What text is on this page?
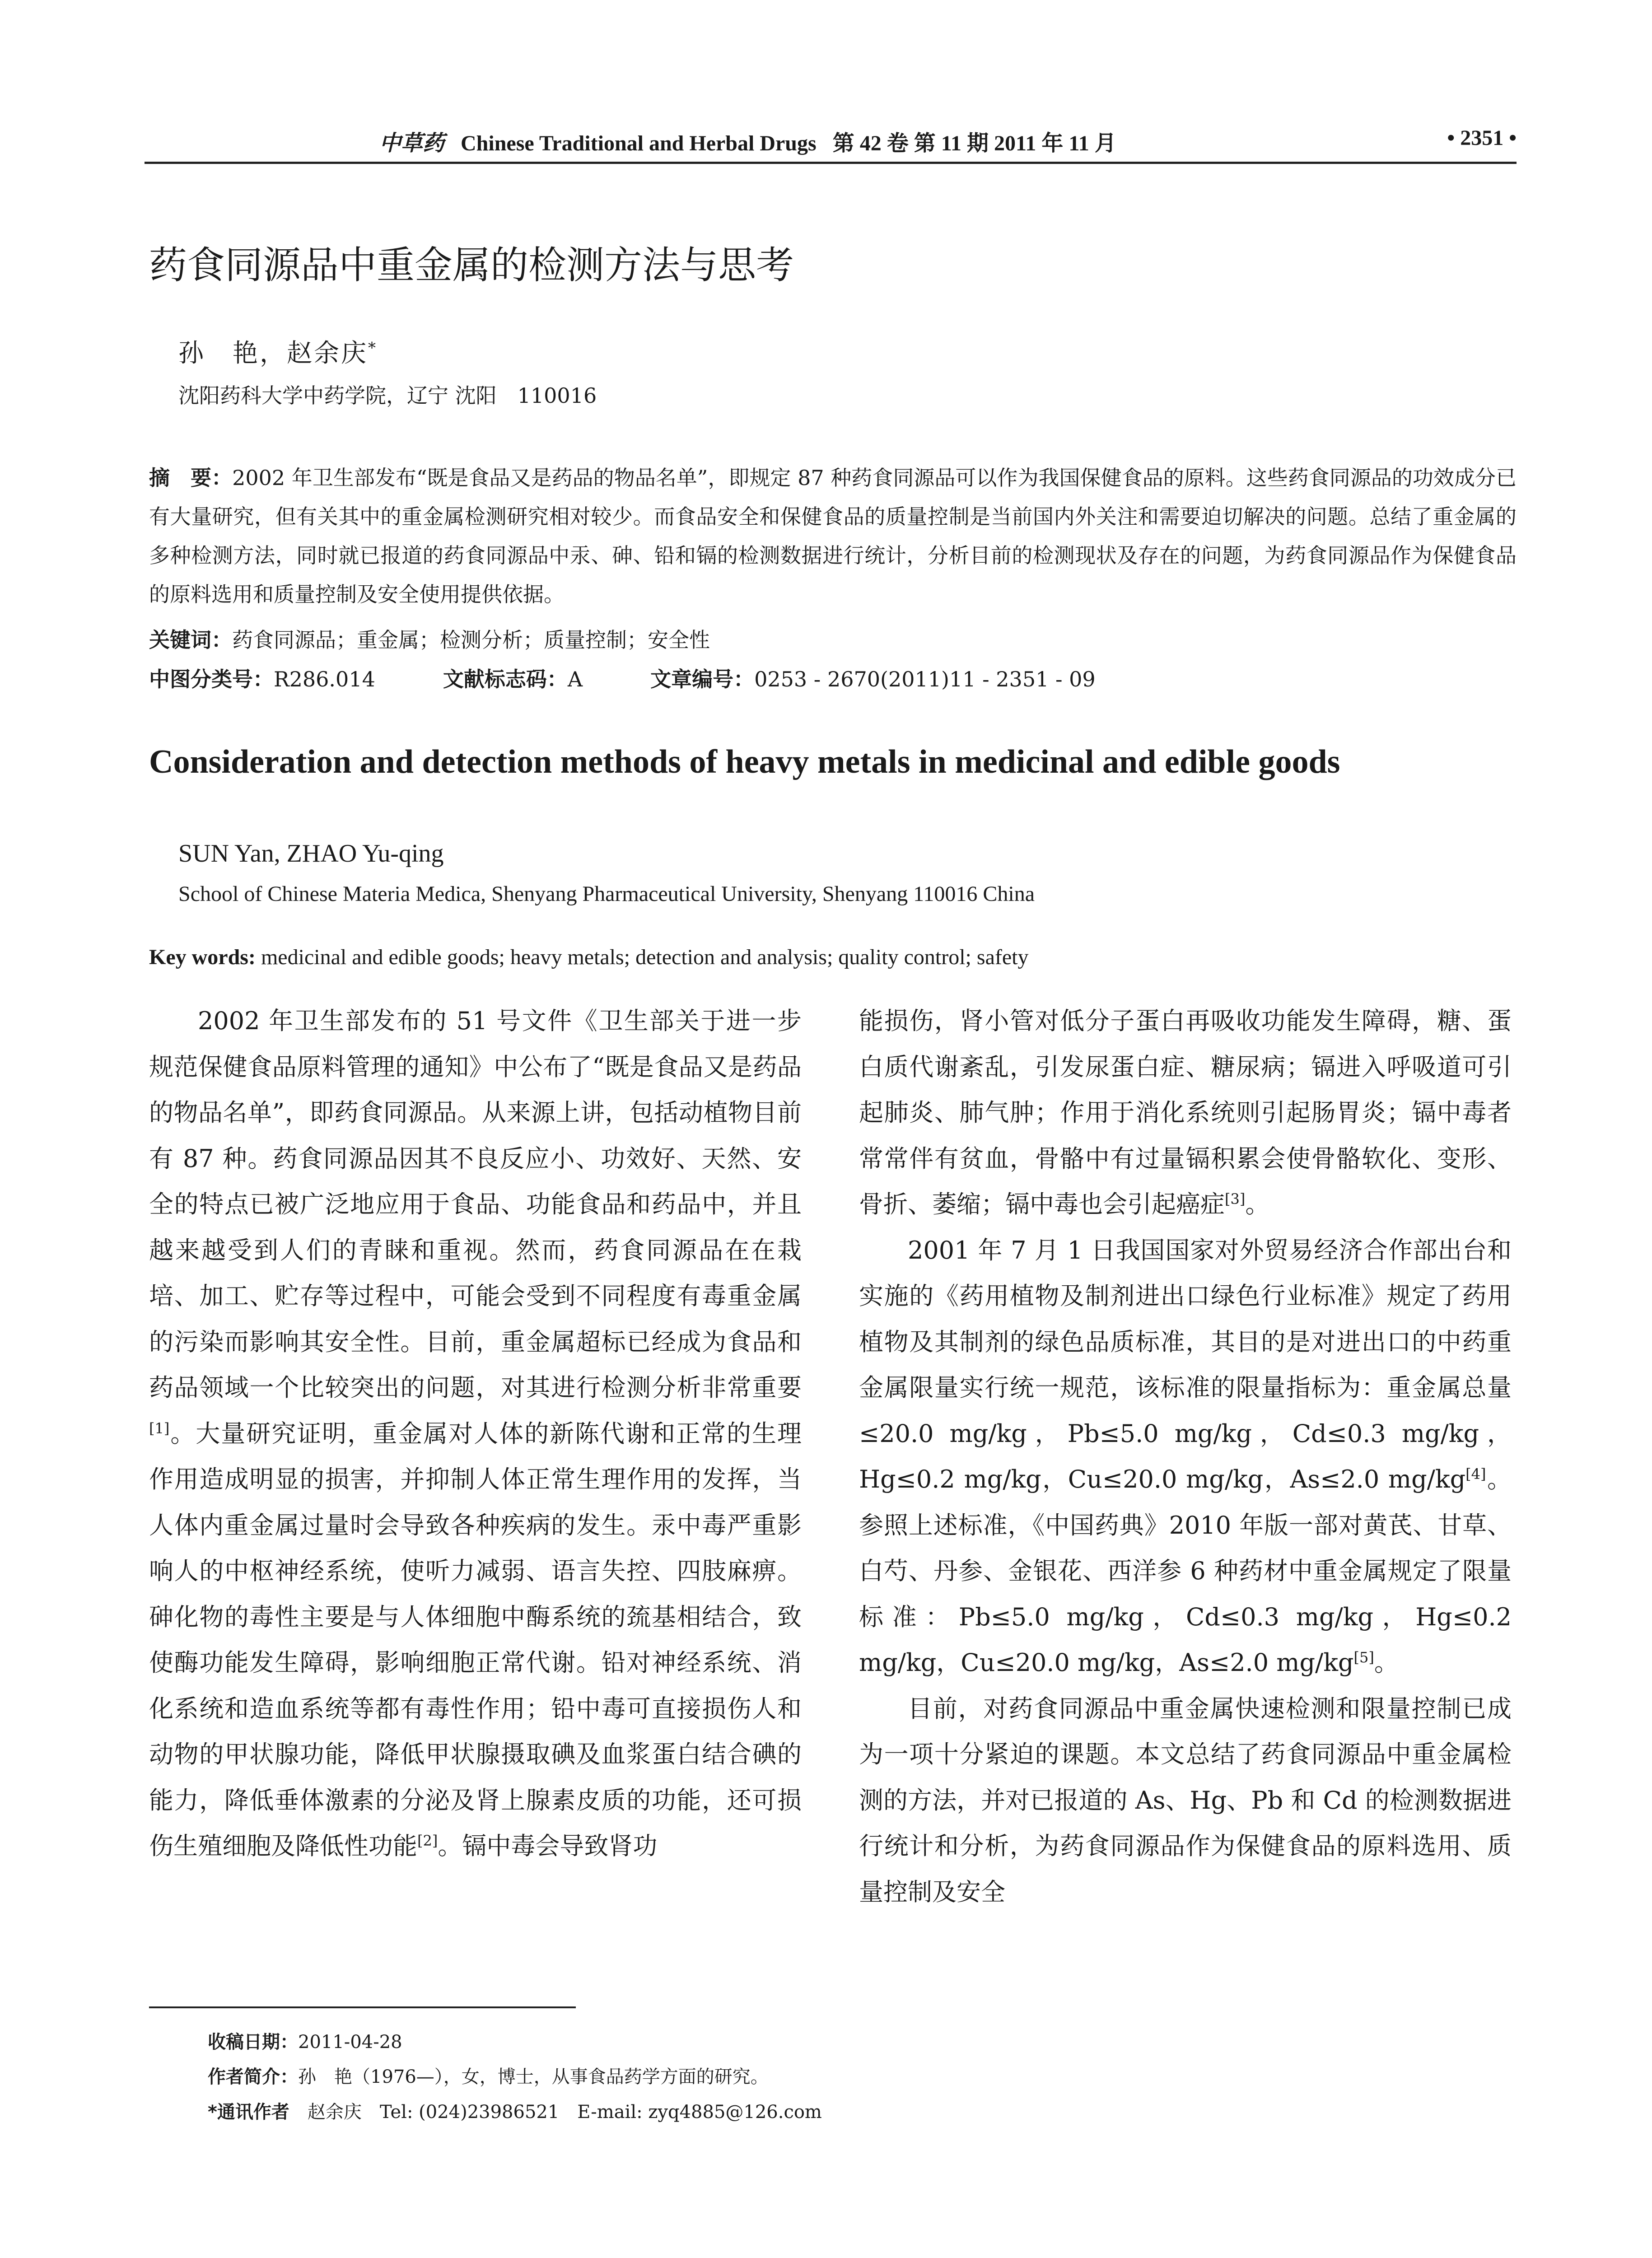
中草药 Chinese Traditional and Herbal Drugs 第 42 卷 第 11 期 2011 年 11 月	• 2351 •
药食同源品中重金属的检测方法与思考
孙　艳，赵余庆*
沈阳药科大学中药学院，辽宁 沈阳　110016
摘　要：2002 年卫生部发布“既是食品又是药品的物品名单”，即规定 87 种药食同源品可以作为我国保健食品的原料。这些药食同源品的功效成分已有大量研究，但有关其中的重金属检测研究相对较少。而食品安全和保健食品的质量控制是当前国内外关注和需要迫切解决的问题。总结了重金属的多种检测方法，同时就已报道的药食同源品中汞、砷、铅和镉的检测数据进行统计，分析目前的检测现状及存在的问题，为药食同源品作为保健食品的原料选用和质量控制及安全使用提供依据。
关键词：药食同源品；重金属；检测分析；质量控制；安全性
中图分类号：R286.014	文献标志码：A	文章编号：0253 - 2670(2011)11 - 2351 - 09
Consideration and detection methods of heavy metals in medicinal and edible goods
SUN Yan, ZHAO Yu-qing
School of Chinese Materia Medica, Shenyang Pharmaceutical University, Shenyang 110016 China
Key words: medicinal and edible goods; heavy metals; detection and analysis; quality control; safety

2002 年卫生部发布的 51 号文件《卫生部关于进一步规范保健食品原料管理的通知》中公布了“既是食品又是药品的物品名单”，即药食同源品。从来源上讲，包括动植物目前有 87 种。药食同源品因其不良反应小、功效好、天然、安全的特点已被广泛地应用于食品、功能食品和药品中，并且越来越受到人们的青睐和重视。然而，药食同源品在在栽培、加工、贮存等过程中，可能会受到不同程度有毒重金属的污染而影响其安全性。目前，重金属超标已经成为食品和药品领域一个比较突出的问题，对其进行检测分析非常重要[1]。大量研究证明，重金属对人体的新陈代谢和正常的生理作用造成明显的损害，并抑制人体正常生理作用的发挥，当人体内重金属过量时会导致各种疾病的发生。汞中毒严重影响人的中枢神经系统，使听力减弱、语言失控、四肢麻痹。砷化物的毒性主要是与人体细胞中酶系统的巯基相结合，致使酶功能发生障碍，影响细胞正常代谢。铅对神经系统、消化系统和造血系统等都有毒性作用；铅中毒可直接损伤人和动物的甲状腺功能，降低甲状腺摄取碘及血浆蛋白结合碘的能力，降低垂体激素的分泌及肾上腺素皮质的功能，还可损伤生殖细胞及降低性功能[2]。镉中毒会导致肾功

能损伤，肾小管对低分子蛋白再吸收功能发生障碍，糖、蛋白质代谢紊乱，引发尿蛋白症、糖尿病；镉进入呼吸道可引起肺炎、肺气肿；作用于消化系统则引起肠胃炎；镉中毒者常常伴有贫血，骨骼中有过量镉积累会使骨骼软化、变形、骨折、萎缩；镉中毒也会引起癌症[3]。

2001 年 7 月 1 日我国国家对外贸易经济合作部出台和实施的《药用植物及制剂进出口绿色行业标准》规定了药用植物及其制剂的绿色品质标准，其目的是对进出口的中药重金属限量实行统一规范，该标准的限量指标为：重金属总量≤20.0 mg/kg，Pb≤5.0 mg/kg，Cd≤0.3 mg/kg，Hg≤0.2 mg/kg，Cu≤20.0 mg/kg，As≤2.0 mg/kg[4]。参照上述标准，《中国药典》2010 年版一部对黄芪、甘草、白芍、丹参、金银花、西洋参 6 种药材中重金属规定了限量标准：Pb≤5.0 mg/kg，Cd≤0.3 mg/kg，Hg≤0.2 mg/kg，Cu≤20.0 mg/kg，As≤2.0 mg/kg[5]。

目前，对药食同源品中重金属快速检测和限量控制已成为一项十分紧迫的课题。本文总结了药食同源品中重金属检测的方法，并对已报道的 As、Hg、Pb 和 Cd 的检测数据进行统计和分析，为药食同源品作为保健食品的原料选用、质量控制及安全

收稿日期：2011-04-28
作者简介：孙　艳（1976—），女，博士，从事食品药学方面的研究。
*通讯作者　 赵余庆　Tel: (024)23986521　E-mail: zyq4885@126.com
